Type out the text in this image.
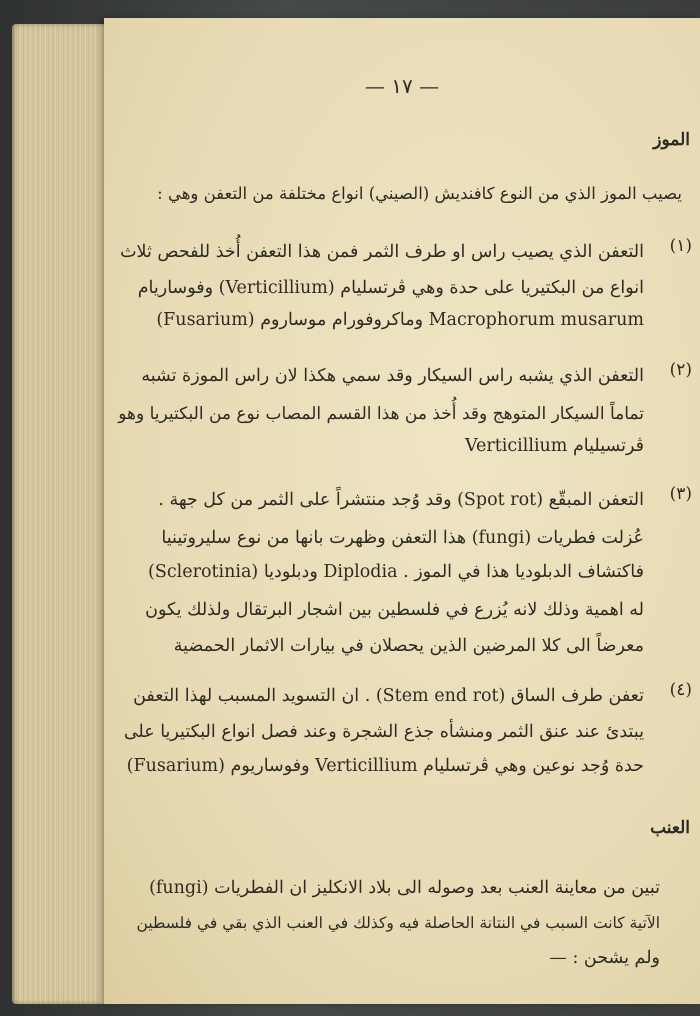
— ١٧ —
الموز
يصيب الموز الذي من النوع كافنديش (الصيني) انواع مختلفة من التعفن وهي :
(١)
التعفن الذي يصيب راس او طرف الثمر فمن هذا التعفن أُخذ للفحص ثلاث
انواع من البكتيريا على حدة وهي ڤرتسليام (Verticillium) وفوساريام
(Fusarium) وماكروفورام موساروم Macrophorum musarum
(٢)
التعفن الذي يشبه راس السيكار وقد سمي هكذا لان راس الموزة تشبه
تماماً السيكار المتوهج وقد أُخذ من هذا القسم المصاب نوع من البكتيريا وهو
ڤرتسيليام Verticillium
(٣)
التعفن المبقّع (Spot rot) وقد وُجد منتشراً على الثمر من كل جهة .
عُزلت فطريات (fungi) هذا التعفن وظهرت بانها من نوع سليروتينيا
(Sclerotinia) ودبلوديا Diplodia . فاكتشاف الدبلوديا هذا في الموز
له اهمية وذلك لانه يُزرع في فلسطين بين اشجار البرتقال ولذلك يكون
معرضاً الى كلا المرضين الذين يحصلان في بيارات الاثمار الحمضية
(٤)
تعفن طرف الساق (Stem end rot) . ان التسويد المسبب لهذا التعفن
يبتدئ عند عنق الثمر ومنشأه جذع الشجرة وعند فصل انواع البكتيريا على
حدة وُجد نوعين وهي ڤرتسليام Verticillium وفوساريوم (Fusarium)
العنب
تبين من معاينة العنب بعد وصوله الى بلاد الانكليز ان الفطريات (fungi)
الآتية كانت السبب في النتانة الحاصلة فيه وكذلك في العنب الذي بقي في فلسطين
ولم يشحن : —
